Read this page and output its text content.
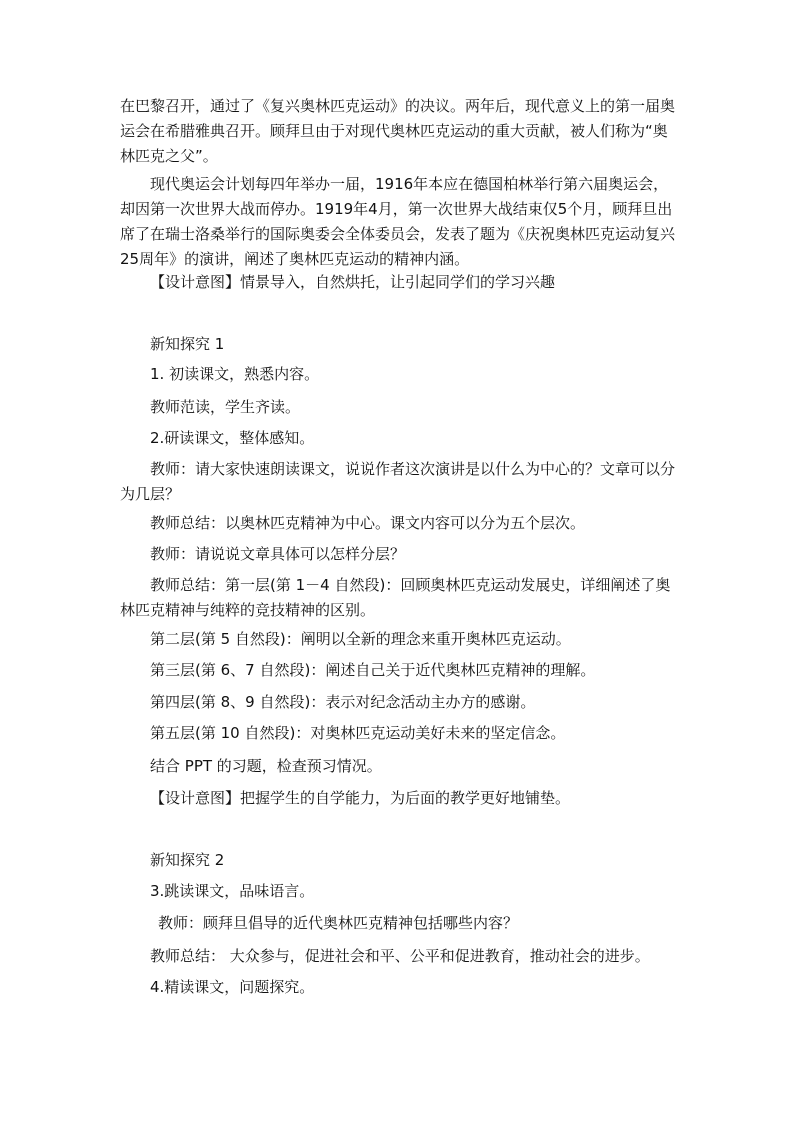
在巴黎召开，通过了《复兴奥林匹克运动》的决议。两年后，现代意义上的第一届奥运会在希腊雅典召开。顾拜旦由于对现代奥林匹克运动的重大贡献，被人们称为“奥林匹克之父”。

现代奥运会计划每四年举办一届，1916年本应在德国柏林举行第六届奥运会，却因第一次世界大战而停办。1919年4月，第一次世界大战结束仅5个月，顾拜旦出席了在瑞士洛桑举行的国际奥委会全体委员会，发表了题为《庆祝奥林匹克运动复兴25周年》的演讲，阐述了奥林匹克运动的精神内涵。

【设计意图】情景导入，自然烘托，让引起同学们的学习兴趣

新知探究 1

1. 初读课文，熟悉内容。

教师范读，学生齐读。

2.研读课文，整体感知。

教师：请大家快速朗读课文，说说作者这次演讲是以什么为中心的？文章可以分为几层？

教师总结：以奥林匹克精神为中心。课文内容可以分为五个层次。

教师：请说说文章具体可以怎样分层？

教师总结：第一层(第 1－4 自然段)：回顾奥林匹克运动发展史，详细阐述了奥林匹克精神与纯粹的竞技精神的区别。

第二层(第 5 自然段)：阐明以全新的理念来重开奥林匹克运动。

第三层(第 6、7 自然段)：阐述自己关于近代奥林匹克精神的理解。

第四层(第 8、9 自然段)：表示对纪念活动主办方的感谢。

第五层(第 10 自然段)：对奥林匹克运动美好未来的坚定信念。

结合 PPT 的习题，检查预习情况。

【设计意图】把握学生的自学能力，为后面的教学更好地铺垫。

新知探究 2

3.跳读课文，品味语言。

教师：顾拜旦倡导的近代奥林匹克精神包括哪些内容？

教师总结： 大众参与，促进社会和平、公平和促进教育，推动社会的进步。

4.精读课文，问题探究。
